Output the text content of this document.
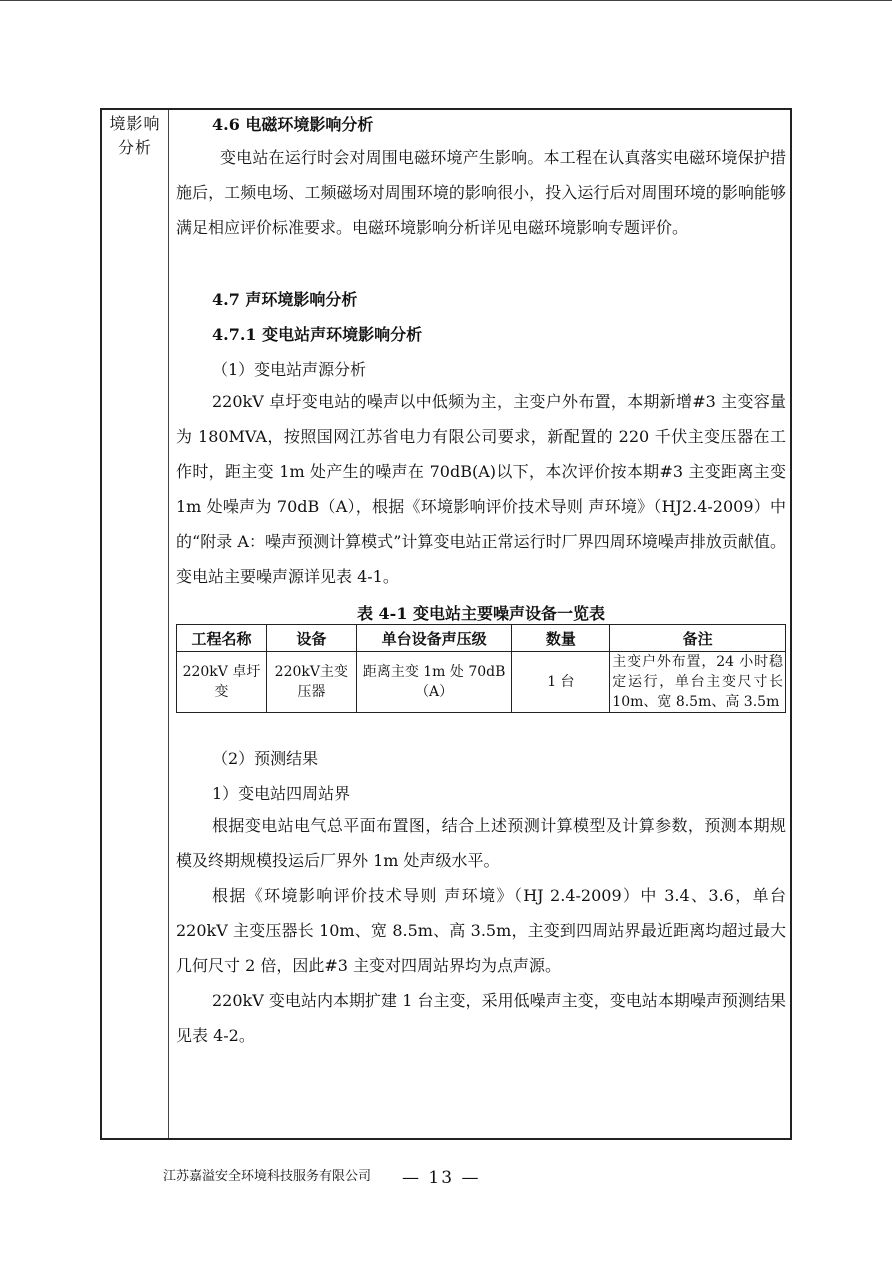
境影响分析
4.6 电磁环境影响分析
变电站在运行时会对周围电磁环境产生影响。本工程在认真落实电磁环境保护措施后，工频电场、工频磁场对周围环境的影响很小，投入运行后对周围环境的影响能够满足相应评价标准要求。电磁环境影响分析详见电磁环境影响专题评价。
4.7 声环境影响分析
4.7.1 变电站声环境影响分析
（1）变电站声源分析
220kV 卓圩变电站的噪声以中低频为主，主变户外布置，本期新增#3 主变容量为 180MVA，按照国网江苏省电力有限公司要求，新配置的 220 千伏主变压器在工作时，距主变 1m 处产生的噪声在 70dB(A)以下，本次评价按本期#3 主变距离主变 1m 处噪声为 70dB（A），根据《环境影响评价技术导则 声环境》（HJ2.4-2009）中的“附录 A：噪声预测计算模式”计算变电站正常运行时厂界四周环境噪声排放贡献值。变电站主要噪声源详见表 4-1。
表 4-1 变电站主要噪声设备一览表
工程名称	设备	单台设备声压级	数量	备注
220kV 卓圩变	220kV主变压器	距离主变 1m 处 70dB（A）	1 台	主变户外布置，24 小时稳定运行，单台主变尺寸长 10m、宽 8.5m、高 3.5m
（2）预测结果
1）变电站四周站界
根据变电站电气总平面布置图，结合上述预测计算模型及计算参数，预测本期规模及终期规模投运后厂界外 1m 处声级水平。
根据《环境影响评价技术导则 声环境》（HJ 2.4-2009）中 3.4、3.6，单台 220kV 主变压器长 10m、宽 8.5m、高 3.5m，主变到四周站界最近距离均超过最大几何尺寸 2 倍，因此#3 主变对四周站界均为点声源。
220kV 变电站内本期扩建 1 台主变，采用低噪声主变，变电站本期噪声预测结果见表 4-2。
江苏嘉溢安全环境科技服务有限公司 — 13 —
